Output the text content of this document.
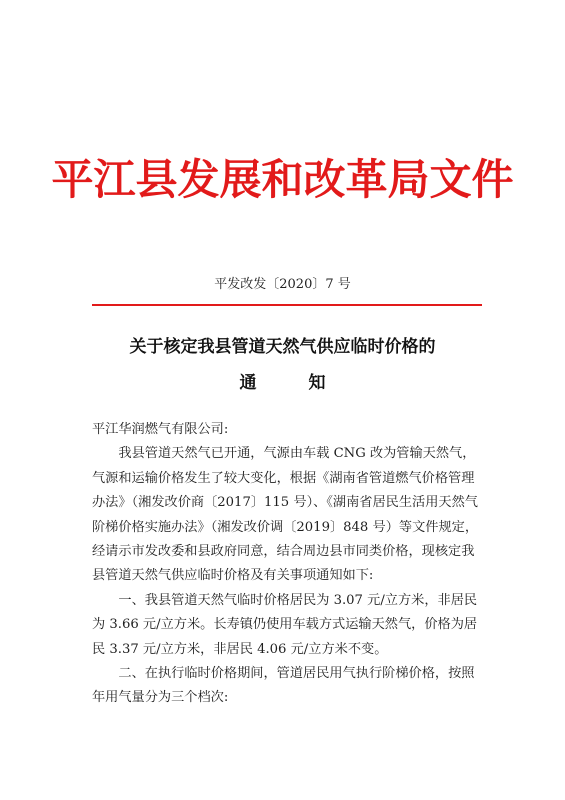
平江县发展和改革局文件
平发改发〔2020〕7 号
关于核定我县管道天然气供应临时价格的
通知

平江华润燃气有限公司:

我县管道天然气已开通，气源由车载 CNG 改为管输天然气，气源和运输价格发生了较大变化，根据《湖南省管道燃气价格管理办法》（湘发改价商〔2017〕115 号）、《湖南省居民生活用天然气阶梯价格实施办法》（湘发改价调〔2019〕848 号）等文件规定，经请示市发改委和县政府同意，结合周边县市同类价格，现核定我县管道天然气供应临时价格及有关事项通知如下:

一、我县管道天然气临时价格居民为 3.07 元/立方米，非居民为 3.66 元/立方米。长寿镇仍使用车载方式运输天然气，价格为居民 3.37 元/立方米，非居民 4.06 元/立方米不变。

二、在执行临时价格期间，管道居民用气执行阶梯价格，按照年用气量分为三个档次:
